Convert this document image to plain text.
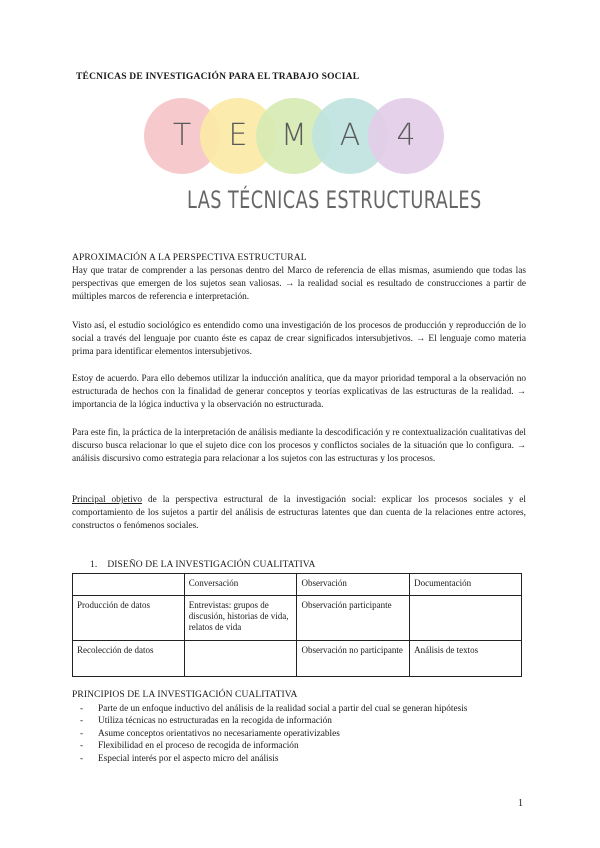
TÉCNICAS DE INVESTIGACIÓN PARA EL TRABAJO SOCIAL
T	E	M	A	4
LAS TÉCNICAS ESTRUCTURALES
APROXIMACIÓN A LA PERSPECTIVA ESTRUCTURAL
Hay que tratar de comprender a las personas dentro del Marco de referencia de ellas mismas, asumiendo que todas las perspectivas que emergen de los sujetos sean valiosas. → la realidad social es resultado de construcciones a partir de múltiples marcos de referencia e interpretación.
Visto así, el estudio sociológico es entendido como una investigación de los procesos de producción y reproducción de lo social a través del lenguaje por cuanto éste es capaz de crear significados intersubjetivos. → El lenguaje como materia prima para identificar elementos intersubjetivos.
Estoy de acuerdo. Para ello debemos utilizar la inducción analítica, que da mayor prioridad temporal a la observación no estructurada de hechos con la finalidad de generar conceptos y teorías explicativas de las estructuras de la realidad. → importancia de la lógica inductiva y la observación no estructurada.
Para este fin, la práctica de la interpretación de análisis mediante la descodificación y re contextualización cualitativas del discurso busca relacionar lo que el sujeto dice con los procesos y conflictos sociales de la situación que lo configura. → análisis discursivo como estrategia para relacionar a los sujetos con las estructuras y los procesos.
Principal objetivo de la perspectiva estructural de la investigación social: explicar los procesos sociales y el comportamiento de los sujetos a partir del análisis de estructuras latentes que dan cuenta de la relaciones entre actores, constructos o fenómenos sociales.
1. DISEÑO DE LA INVESTIGACIÓN CUALITATIVA
	Conversación	Observación	Documentación
Producción de datos	Entrevistas: grupos de discusión, historias de vida, relatos de vida	Observación participante	
Recolección de datos		Observación no participante	Análisis de textos
PRINCIPIOS DE LA INVESTIGACIÓN CUALITATIVA
- Parte de un enfoque inductivo del análisis de la realidad social a partir del cual se generan hipótesis
- Utiliza técnicas no estructuradas en la recogida de información
- Asume conceptos orientativos no necesariamente operativizables
- Flexibilidad en el proceso de recogida de información
- Especial interés por el aspecto micro del análisis
1
